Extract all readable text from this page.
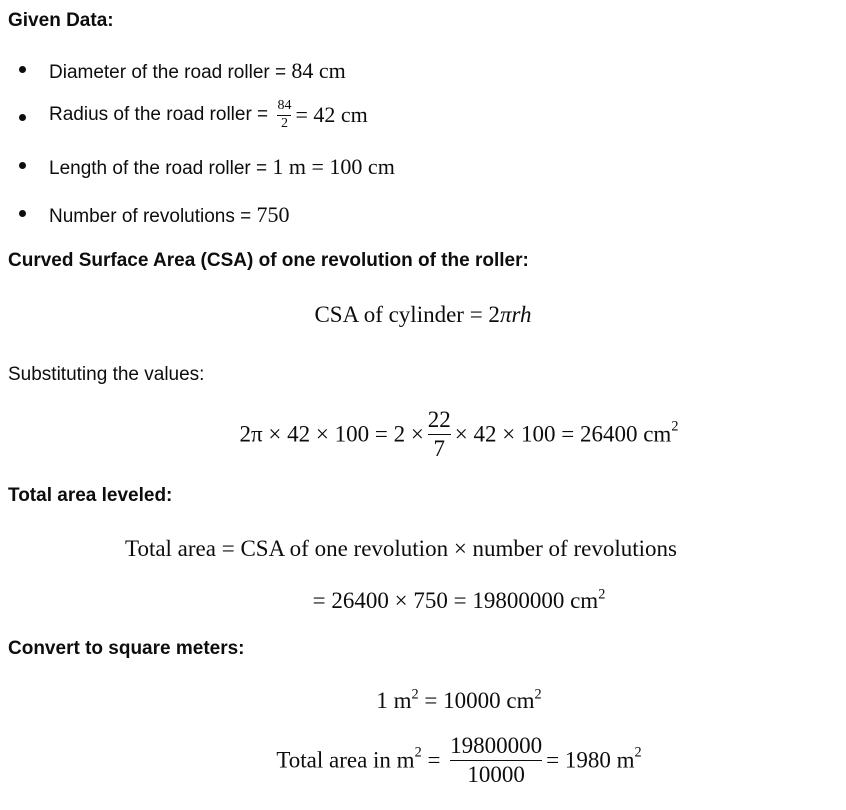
Given Data:
Diameter of the road roller = 84 cm
Radius of the road roller = $\frac{84}{2} = 42$ cm
Length of the road roller = 1 m = 100 cm
Number of revolutions = 750
Curved Surface Area (CSA) of one revolution of the roller:
CSA of cylinder = 2πrh
Substituting the values:
$2\pi \times 42 \times 100 = 2 \times \frac{22}{7} \times 42 \times 100 = 26400$ $cm^2$
Total area leveled:
Total area = CSA of one revolution × number of revolutions
= 26400 × 750 = 19800000 $cm^2$
Convert to square meters:
1 $m^2 = 10000$ $cm^2$
Total area in $m^2 = \frac{19800000}{10000} = 1980$ $m^2$
